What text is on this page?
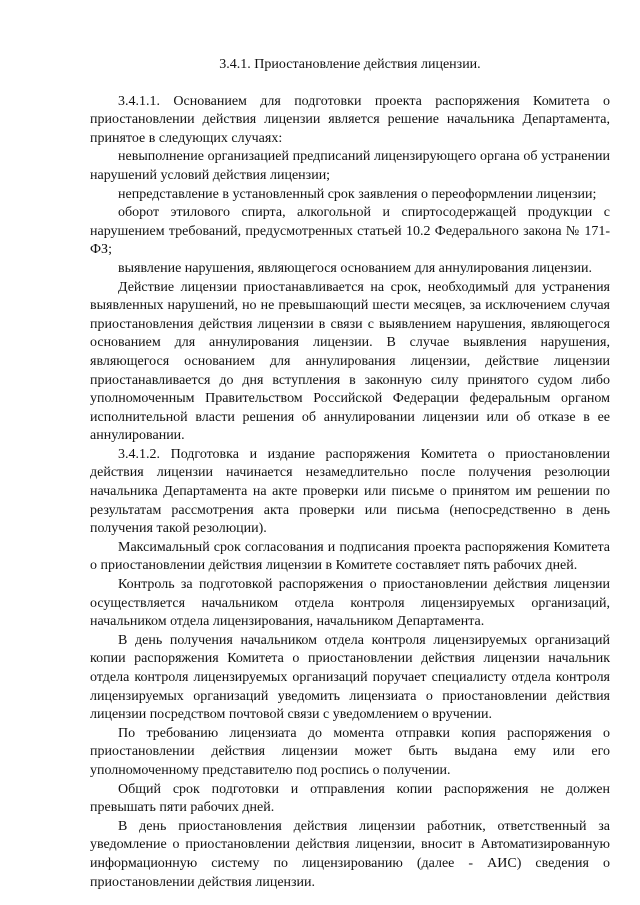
3.4.1. Приостановление действия лицензии.

3.4.1.1. Основанием для подготовки проекта распоряжения Комитета о приостановлении действия лицензии является решение начальника Департамента, принятое в следующих случаях:

невыполнение организацией предписаний лицензирующего органа об устранении нарушений условий действия лицензии;

непредставление в установленный срок заявления о переоформлении лицензии;

оборот этилового спирта, алкогольной и спиртосодержащей продукции с нарушением требований, предусмотренных статьей 10.2 Федерального закона № 171-ФЗ;

выявление нарушения, являющегося основанием для аннулирования лицензии.

Действие лицензии приостанавливается на срок, необходимый для устранения выявленных нарушений, но не превышающий шести месяцев, за исключением случая приостановления действия лицензии в связи с выявлением нарушения, являющегося основанием для аннулирования лицензии. В случае выявления нарушения, являющегося основанием для аннулирования лицензии, действие лицензии приостанавливается до дня вступления в законную силу принятого судом либо уполномоченным Правительством Российской Федерации федеральным органом исполнительной власти решения об аннулировании лицензии или об отказе в ее аннулировании.

3.4.1.2. Подготовка и издание распоряжения Комитета о приостановлении действия лицензии начинается незамедлительно после получения резолюции начальника Департамента на акте проверки или письме о принятом им решении по результатам рассмотрения акта проверки или письма (непосредственно в день получения такой резолюции).

Максимальный срок согласования и подписания проекта распоряжения Комитета о приостановлении действия лицензии в Комитете составляет пять рабочих дней.

Контроль за подготовкой распоряжения о приостановлении действия лицензии осуществляется начальником отдела контроля лицензируемых организаций, начальником отдела лицензирования, начальником Департамента.

В день получения начальником отдела контроля лицензируемых организаций копии распоряжения Комитета о приостановлении действия лицензии начальник отдела контроля лицензируемых организаций поручает специалисту отдела контроля лицензируемых организаций уведомить лицензиата о приостановлении действия лицензии посредством почтовой связи с уведомлением о вручении.

По требованию лицензиата до момента отправки копия распоряжения о приостановлении действия лицензии может быть выдана ему или его уполномоченному представителю под роспись о получении.

Общий срок подготовки и отправления копии распоряжения не должен превышать пяти рабочих дней.

В день приостановления действия лицензии работник, ответственный за уведомление о приостановлении действия лицензии, вносит в Автоматизированную информационную систему по лицензированию (далее - АИС) сведения о приостановлении действия лицензии.
